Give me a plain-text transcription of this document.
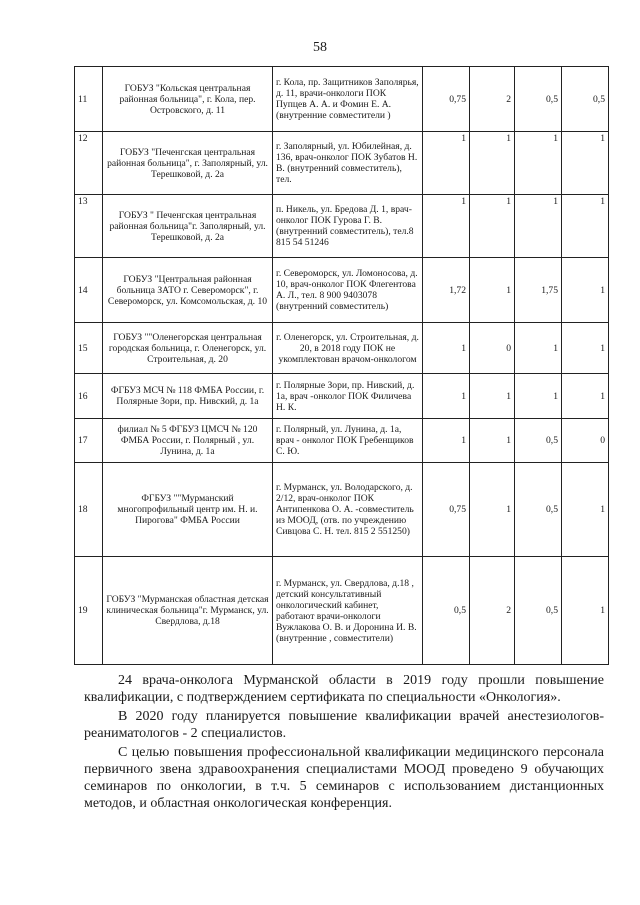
58
11	ГОБУЗ "Кольская центральная районная больница", г. Кола, пер. Островского, д. 11	г. Кола, пр. Защитников Заполярья, д. 11, врачи-онкологи ПОК Пупцев А. А. и Фомин Е. А. (внутренние совместители )	0,75	2	0,5	0,5
12	ГОБУЗ "Печенгская центральная районная больница", г. Заполярный, ул. Терешковой, д. 2а	г. Заполярный, ул. Юбилейная, д. 136, врач-онколог ПОК Зубатов Н. В. (внутренний совместитель), тел.	1	1	1	1
13	ГОБУЗ " Печенгская центральная районная больница"г. Заполярный, ул. Терешковой, д. 2а	п. Никель, ул. Бредова Д. 1, врач-онколог ПОК Гурова Г. В. (внутренний совместитель), тел.8 815 54 51246	1	1	1	1
14	ГОБУЗ "Центральная районная больница ЗАТО г. Североморск", г. Североморск, ул. Комсомольская, д. 10	г. Североморск, ул. Ломоносова, д. 10, врач-онколог ПОК Флегентова А. Л., тел. 8 900 9403078 (внутренний совместитель)	1,72	1	1,75	1
15	ГОБУЗ ""Оленегорская центральная городская больница, г. Оленегорск, ул. Строительная, д. 20	г. Оленегорск, ул. Строительная, д. 20, в 2018 году ПОК не укомплектован врачом-онкологом	1	0	1	1
16	ФГБУЗ МСЧ № 118 ФМБА России, г. Полярные Зори, пр. Нивский, д. 1а	г. Полярные Зори, пр. Нивский, д. 1а, врач -онколог ПОК Филичева Н. К.	1	1	1	1
17	филиал № 5 ФГБУЗ ЦМСЧ № 120 ФМБА России, г. Полярный , ул. Лунина, д. 1а	г. Полярный, ул. Лунина, д. 1а, врач - онколог ПОК Гребенщиков С. Ю.	1	1	0,5	0
18	ФГБУЗ ""Мурманский многопрофильный центр им. Н. и. Пирогова" ФМБА России	г. Мурманск, ул. Володарского, д. 2/12, врач-онколог ПОК Антипенкова О. А. -совместитель из МООД, (отв. по учреждению Сивцова С. Н. тел. 815 2 551250)	0,75	1	0,5	1
19	ГОБУЗ "Мурманская областная детская клиническая больница"г. Мурманск, ул. Свердлова, д.18	г. Мурманск, ул. Свердлова, д.18 , детский консультативный онкологический кабинет, работают врачи-онкологи Вужлакова О. В. и Доронина И. В. (внутренние , совместители)	0,5	2	0,5	1

24 врача-онколога Мурманской области в 2019 году прошли повышение квалификации, с подтверждением сертификата по специальности «Онкология».

В 2020 году планируется повышение квалификации врачей анестезиологов-реаниматологов - 2 специалистов.

С целью повышения профессиональной квалификации медицинского персонала первичного звена здравоохранения специалистами МООД проведено 9 обучающих семинаров по онкологии, в т.ч. 5 семинаров с использованием дистанционных методов, и областная онкологическая конференция.
